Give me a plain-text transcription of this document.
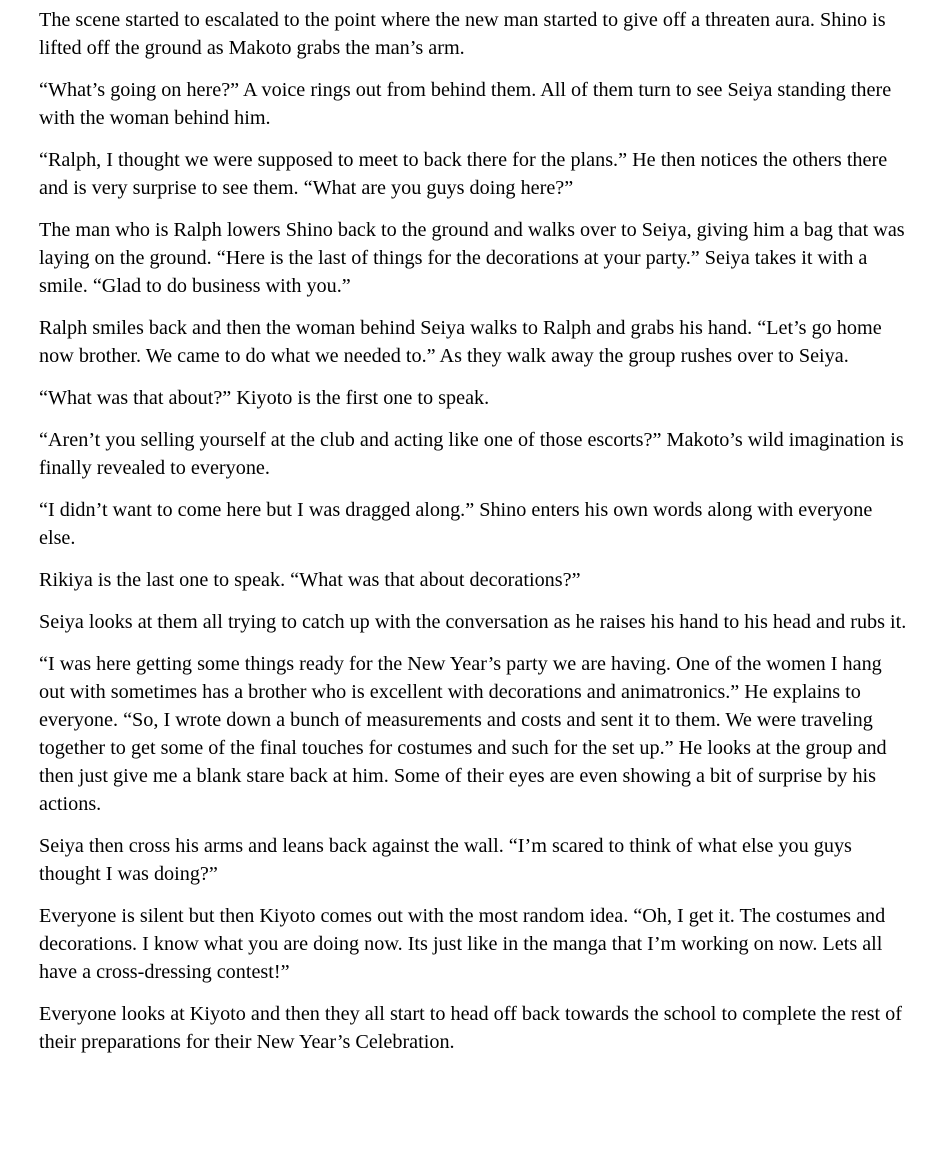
The scene started to escalated to the point where the new man started to give off a threaten aura. Shino is lifted off the ground as Makoto grabs the man’s arm.

“What’s going on here?” A voice rings out from behind them. All of them turn to see Seiya standing there with the woman behind him.

“Ralph, I thought we were supposed to meet to back there for the plans.” He then notices the others there and is very surprise to see them. “What are you guys doing here?”

The man who is Ralph lowers Shino back to the ground and walks over to Seiya, giving him a bag that was laying on the ground. “Here is the last of things for the decorations at your party.” Seiya takes it with a smile. “Glad to do business with you.”

Ralph smiles back and then the woman behind Seiya walks to Ralph and grabs his hand. “Let’s go home now brother. We came to do what we needed to.” As they walk away the group rushes over to Seiya.

“What was that about?” Kiyoto is the first one to speak.

“Aren’t you selling yourself at the club and acting like one of those escorts?” Makoto’s wild imagination is finally revealed to everyone.

“I didn’t want to come here but I was dragged along.” Shino enters his own words along with everyone else.

Rikiya is the last one to speak. “What was that about decorations?”

Seiya looks at them all trying to catch up with the conversation as he raises his hand to his head and rubs it.

“I was here getting some things ready for the New Year’s party we are having. One of the women I hang out with sometimes has a brother who is excellent with decorations and animatronics.” He explains to everyone. “So, I wrote down a bunch of measurements and costs and sent it to them. We were traveling together to get some of the final touches for costumes and such for the set up.” He looks at the group and then just give me a blank stare back at him. Some of their eyes are even showing a bit of surprise by his actions.

Seiya then cross his arms and leans back against the wall. “I’m scared to think of what else you guys thought I was doing?”

Everyone is silent but then Kiyoto comes out with the most random idea. “Oh, I get it. The costumes and decorations. I know what you are doing now. Its just like in the manga that I’m working on now. Lets all have a cross-dressing contest!”

Everyone looks at Kiyoto and then they all start to head off back towards the school to complete the rest of their preparations for their New Year’s Celebration.
